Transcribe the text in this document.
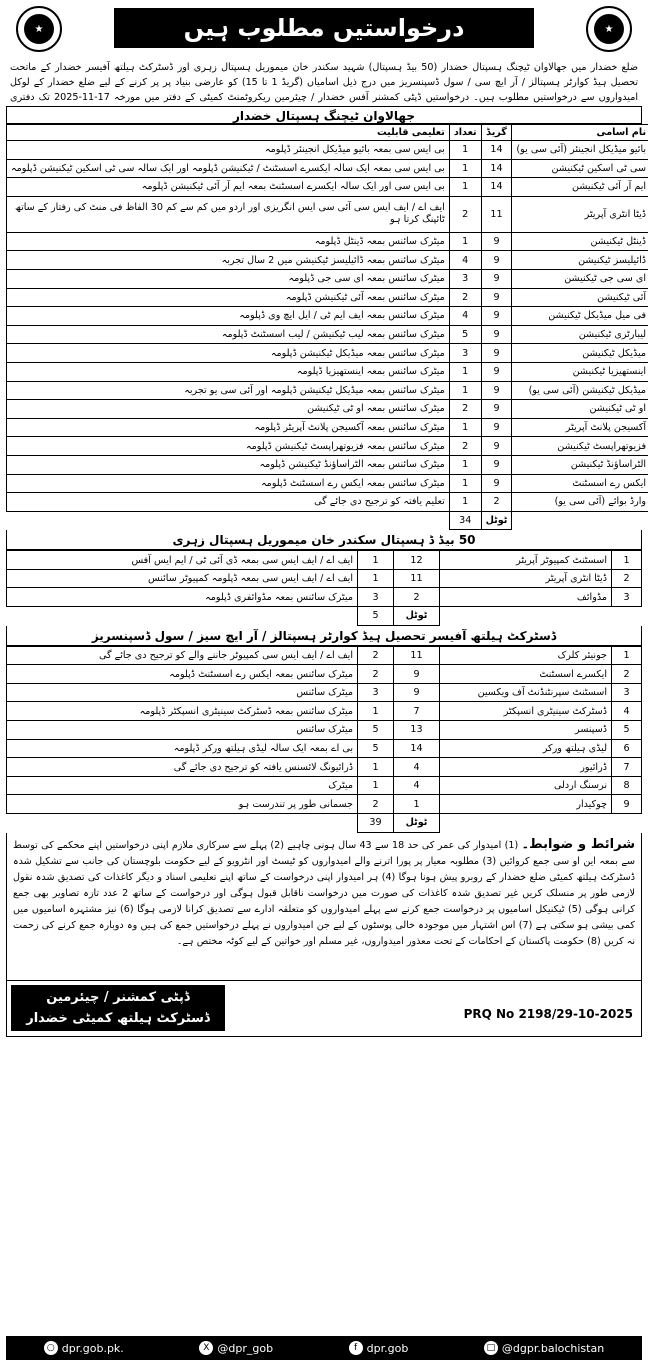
★	درخواستیں مطلوب ہیں	★
ضلع خضدار میں جھالاوان ٹیچنگ ہسپتال خضدار (50 بیڈ ہسپتال) شہید سکندر خان میموریل ہسپتال زہری اور ڈسٹرکٹ ہیلتھ آفیسر خضدار کے ماتحت تحصیل ہیڈ کوارٹر ہسپتالز / آر ایچ سی / سول ڈسپنسریز میں درج ذیل اسامیاں (گریڈ 1 تا 15) کو عارضی بنیاد پر پر کرنے کے لیے ضلع خضدار کے لوکل امیدواروں سے درخواستیں مطلوب ہیں۔ درخواستیں ڈپٹی کمشنر آفس خضدار / چیئرمین ریکروٹمنٹ کمیٹی کے دفتر میں مورخہ 17-11-2025 تک دفتری
جھالاوان ٹیچنگ ہسپتال خضدار
	نام اسامی	گریڈ	تعداد	تعلیمی قابلیت
	بائیو میڈیکل انجینئر (آئی سی یو)	14	1	بی ایس سی بمعہ بائیو میڈیکل انجینئر ڈپلومہ
	سی ٹی اسکین ٹیکنیشن	14	1	بی ایس سی بمعہ ایک سالہ ایکسرے اسسٹنٹ / ٹیکنیشن ڈپلومہ اور ایک سالہ سی ٹی اسکین ٹیکنیشن ڈپلومہ
	ایم آر آئی ٹیکنیشن	14	1	بی ایس سی اور ایک سالہ ایکسرے اسسٹنٹ بمعہ ایم آر آئی ٹیکنیشن ڈپلومہ
	ڈیٹا انٹری آپریٹر	11	2	ایف اے / ایف ایس سی آئی سی ایس انگریزی اور اردو میں کم سے کم 30 الفاظ فی منٹ کی رفتار کے ساتھ ٹائپنگ کرتا ہو
	ڈینٹل ٹیکنیشن	9	1	میٹرک سائنس بمعہ ڈینٹل ڈپلومہ
	ڈائیلیسز ٹیکنیشن	9	4	میٹرک سائنس بمعہ ڈائیلیسز ٹیکنیشن میں 2 سال تجربہ
	ای سی جی ٹیکنیشن	9	3	میٹرک سائنس بمعہ ای سی جی ڈپلومہ
	آئی ٹیکنیشن	9	2	میٹرک سائنس بمعہ آئی ٹیکنیشن ڈپلومہ
	فی میل میڈیکل ٹیکنیشن	9	4	میٹرک سائنس بمعہ ایف ایم ٹی / ایل ایچ وی ڈپلومہ
	لیبارٹری ٹیکنیشن	9	5	میٹرک سائنس بمعہ لیب ٹیکنیشن / لیب اسسٹنٹ ڈپلومہ
	میڈیکل ٹیکنیشن	9	3	میٹرک سائنس بمعہ میڈیکل ٹیکنیشن ڈپلومہ
	اینستھیزیا ٹیکنیشن	9	1	میٹرک سائنس بمعہ اینستھیزیا ڈپلومہ
	میڈیکل ٹیکنیشن (آئی سی یو)	9	1	میٹرک سائنس بمعہ میڈیکل ٹیکنیشن ڈپلومہ اور آئی سی یو تجربہ
	او ٹی ٹیکنیشن	9	2	میٹرک سائنس بمعہ او ٹی ٹیکنیشن
	آکسیجن پلانٹ آپریٹر	9	1	میٹرک سائنس بمعہ آکسیجن پلانٹ آپریٹر ڈپلومہ
	فزیوتھراپسٹ ٹیکنیشن	9	2	میٹرک سائنس بمعہ فزیوتھراپسٹ ٹیکنیشن ڈپلومہ
	الٹراساؤنڈ ٹیکنیشن	9	1	میٹرک سائنس بمعہ الٹراساؤنڈ ٹیکنیشن ڈپلومہ
	ایکس رے اسسٹنٹ	9	1	میٹرک سائنس بمعہ ایکس رے اسسٹنٹ ڈپلومہ
	وارڈ بوائے (آئی سی یو)	2	1	تعلیم یافتہ کو ترجیح دی جائے گی
		ٹوٹل	34	
50 بیڈ ڈ ہسپتال سکندر خان میموریل ہسپتال زہری
1	اسسٹنٹ کمپیوٹر آپریٹر	12	1	ایف اے / ایف ایس سی بمعہ ڈی آئی ٹی / ایم ایس آفس
2	ڈیٹا انٹری آپریٹر	11	1	ایف اے / ایف ایس سی بمعہ ڈپلومہ کمپیوٹر سائنس
3	مڈوائف	2	3	میٹرک سائنس بمعہ مڈوائفری ڈپلومہ
		ٹوٹل	5	
ڈسٹرکٹ ہیلتھ آفیسر تحصیل ہیڈ کوارٹر ہسپتالز / آر ایچ سیز / سول ڈسپنسریز
1	جونیئر کلرک	11	2	ایف اے / ایف ایس سی کمپیوٹر جاننے والے کو ترجیح دی جائے گی
2	ایکسرے اسسٹنٹ	9	2	میٹرک سائنس بمعہ ایکس رے اسسٹنٹ ڈپلومہ
3	اسسٹنٹ سپرنٹنڈنٹ آف ویکسین	9	3	میٹرک سائنس
4	ڈسٹرکٹ سینیٹری انسپکٹر	7	1	میٹرک سائنس بمعہ ڈسٹرکٹ سینیٹری انسپکٹر ڈپلومہ
5	ڈسپنسر	13	5	میٹرک سائنس
6	لیڈی ہیلتھ ورکر	14	5	بی اے بمعہ ایک سالہ لیڈی ہیلتھ ورکر ڈپلومہ
7	ڈرائیور	4	1	ڈرائیونگ لائسنس یافتہ کو ترجیح دی جائے گی
8	نرسنگ اردلی	4	1	میٹرک
9	چوکیدار	1	2	جسمانی طور پر تندرست ہو
		ٹوٹل	39	
شرائط و ضوابط۔ (1) امیدوار کی عمر کی حد 18 سے 43 سال ہونی چاہیے (2) پہلے سے سرکاری ملازم اپنی درخواستیں اپنے محکمے کی توسط سے بمعہ این او سی جمع کروائیں (3) مطلوبہ معیار پر پورا اترنے والے امیدواروں کو ٹیسٹ اور انٹرویو کے لیے حکومت بلوچستان کی جانب سے تشکیل شدہ ڈسٹرکٹ ہیلتھ کمیٹی ضلع خضدار کے روبرو پیش ہونا ہوگا (4) ہر امیدوار اپنی درخواست کے ساتھ اپنے تعلیمی اسناد و دیگر کاغذات کی تصدیق شدہ نقول لازمی طور پر منسلک کریں غیر تصدیق شدہ کاغذات کی صورت میں درخواست ناقابل قبول ہوگی اور درخواست کے ساتھ 2 عدد تازہ تصاویر بھی جمع کرانی ہوگی (5) ٹیکنیکل اسامیوں پر درخواست جمع کرنے سے پہلے امیدواروں کو متعلقہ ادارے سے تصدیق کرانا لازمی ہوگا (6) نیز مشتہرہ اسامیوں میں کمی بیشی ہو سکتی ہے (7) اس اشتہار میں موجودہ خالی پوسٹوں کے لیے جن امیدواروں نے پہلے درخواستیں جمع کی ہیں وہ دوبارہ جمع کرنے کی زحمت نہ کریں (8) حکومت پاکستان کے احکامات کے تحت معذور امیدواروں، غیر مسلم اور خواتین کے لیے کوٹہ مختص ہے۔
ڈپٹی کمشنر / چیئرمین
ڈسٹرکٹ ہیلتھ کمیٹی خضدار	PRQ No 2198/29-10-2025
○ dpr.gob.pk.	X @dpr_gob	f dpr.gob	□ @dgpr.balochistan
